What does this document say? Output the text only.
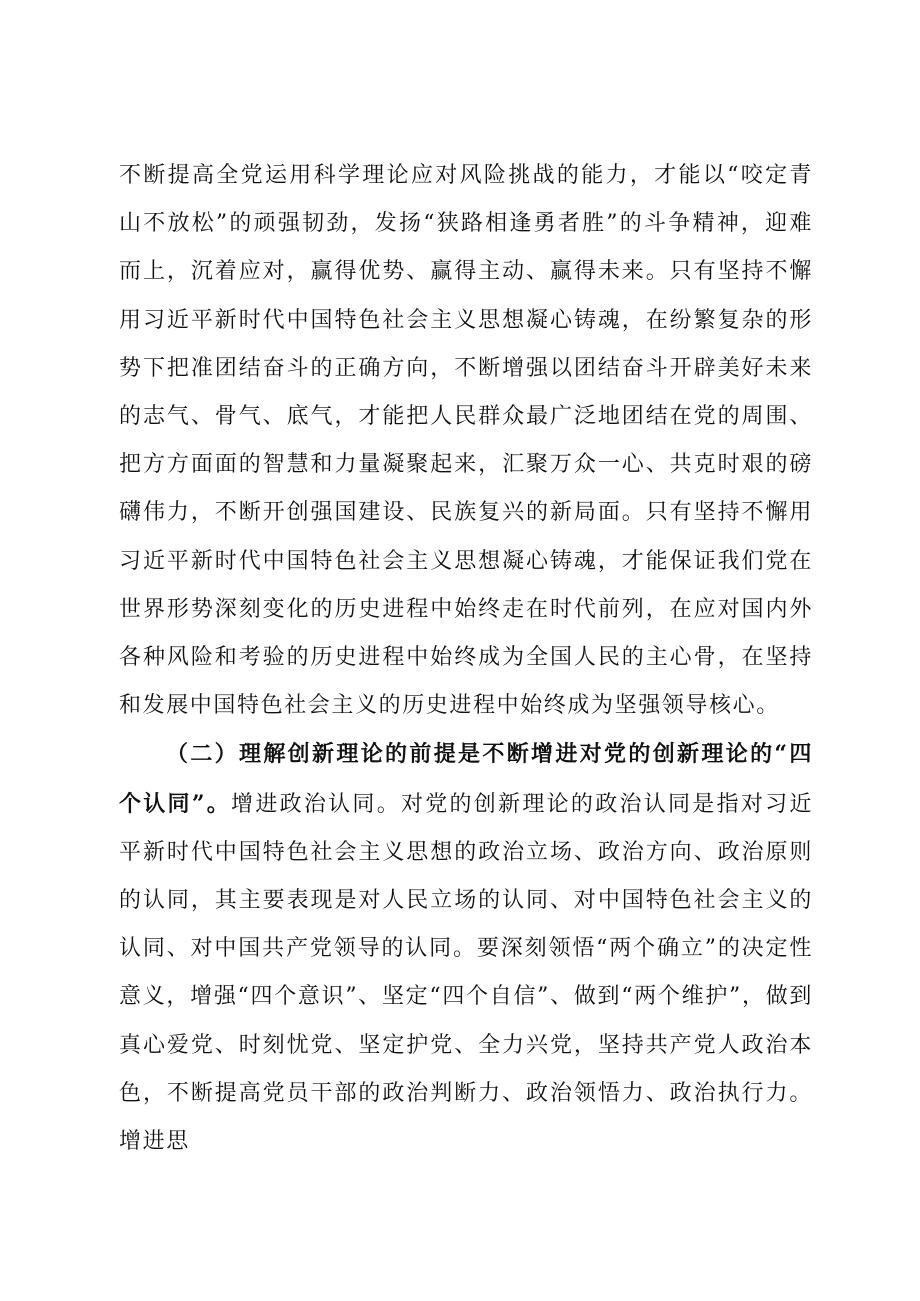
不断提高全党运用科学理论应对风险挑战的能力，才能以“咬定青山不放松”的顽强韧劲，发扬“狭路相逢勇者胜”的斗争精神，迎难而上，沉着应对，赢得优势、赢得主动、赢得未来。只有坚持不懈用习近平新时代中国特色社会主义思想凝心铸魂，在纷繁复杂的形势下把准团结奋斗的正确方向，不断增强以团结奋斗开辟美好未来的志气、骨气、底气，才能把人民群众最广泛地团结在党的周围、把方方面面的智慧和力量凝聚起来，汇聚万众一心、共克时艰的磅礴伟力，不断开创强国建设、民族复兴的新局面。只有坚持不懈用习近平新时代中国特色社会主义思想凝心铸魂，才能保证我们党在世界形势深刻变化的历史进程中始终走在时代前列，在应对国内外各种风险和考验的历史进程中始终成为全国人民的主心骨，在坚持和发展中国特色社会主义的历史进程中始终成为坚强领导核心。

（二）理解创新理论的前提是不断增进对党的创新理论的“四个认同”。增进政治认同。对党的创新理论的政治认同是指对习近平新时代中国特色社会主义思想的政治立场、政治方向、政治原则的认同，其主要表现是对人民立场的认同、对中国特色社会主义的认同、对中国共产党领导的认同。要深刻领悟“两个确立”的决定性意义，增强“四个意识”、坚定“四个自信”、做到“两个维护”，做到真心爱党、时刻忧党、坚定护党、全力兴党，坚持共产党人政治本色，不断提高党员干部的政治判断力、政治领悟力、政治执行力。增进思
